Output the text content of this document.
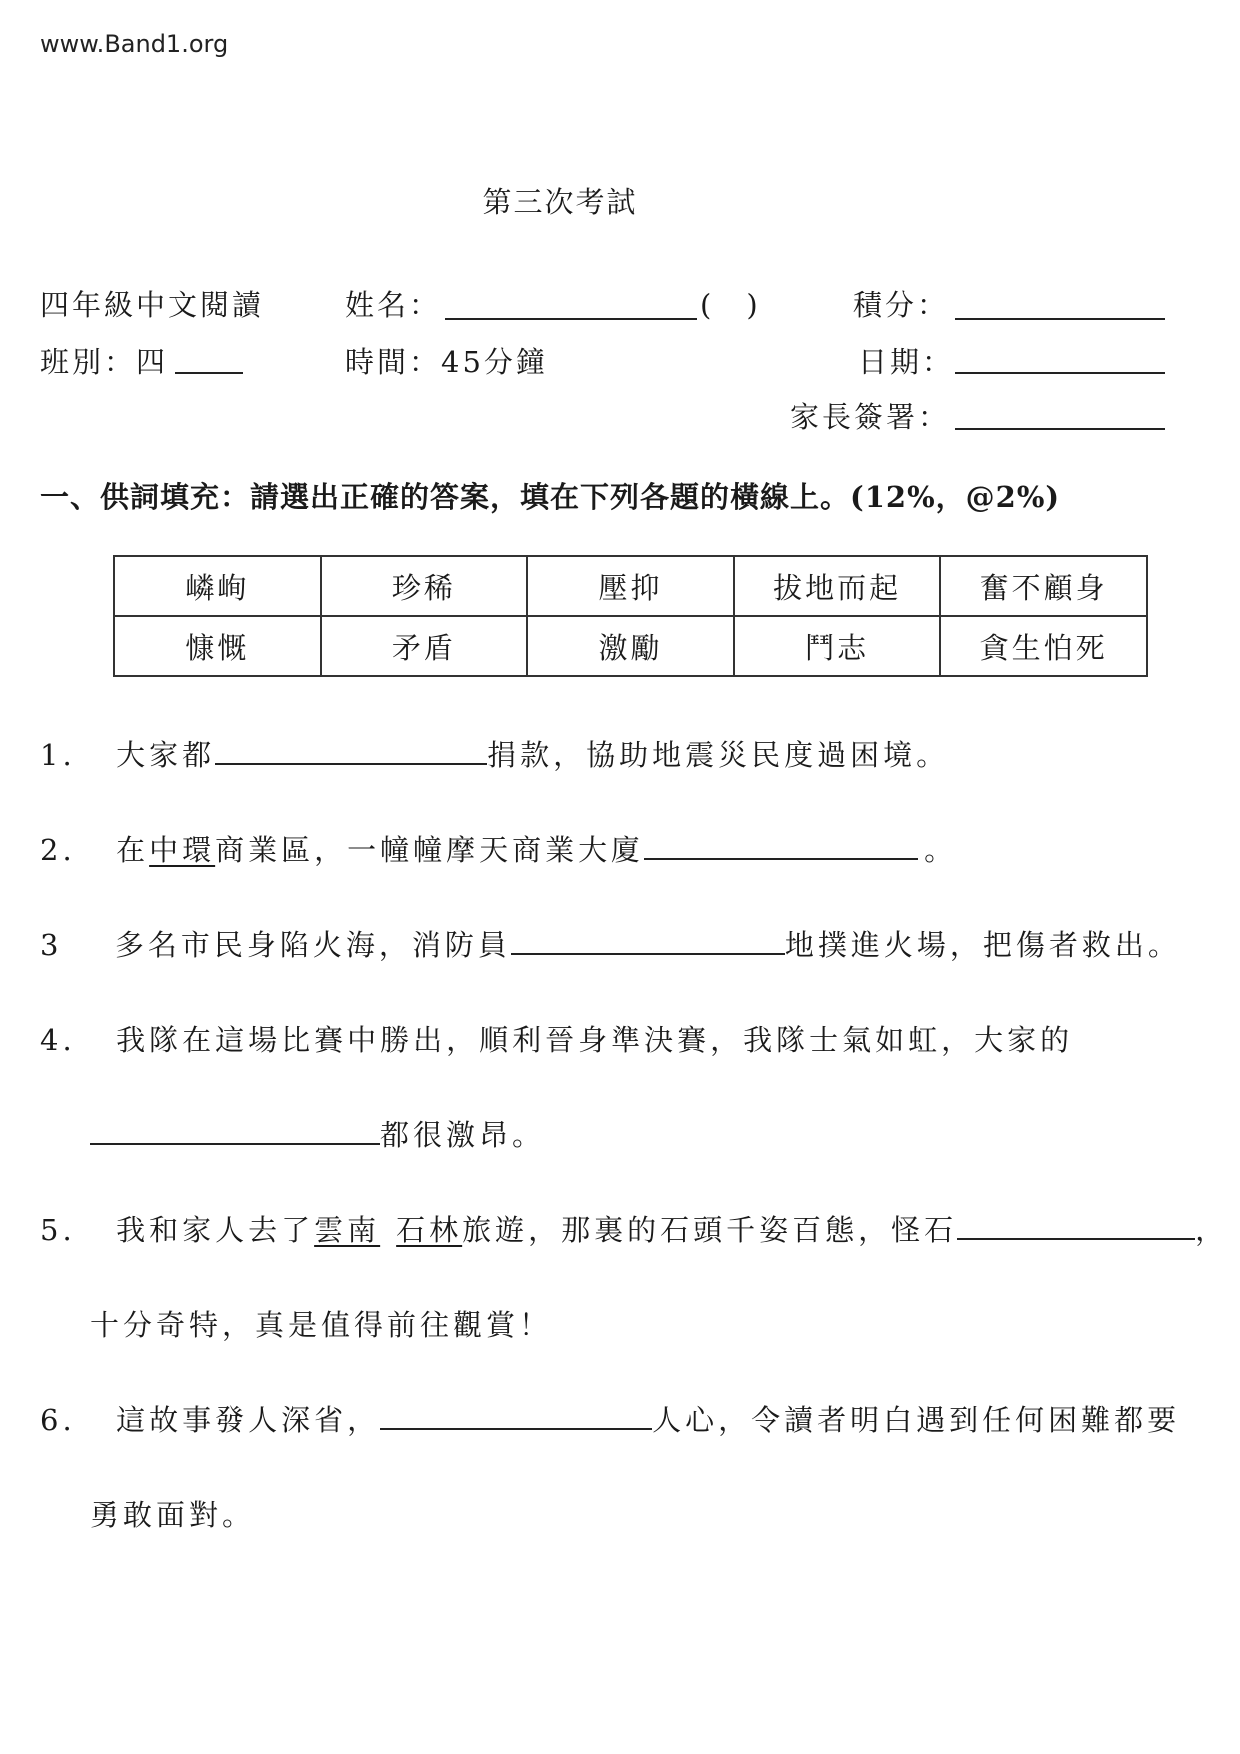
www.Band1.org
第三次考試
四年級中文閱讀	姓名：	(　)	積分：
班別：四	時間：45分鐘	日期：
家長簽署：
一、供詞填充：請選出正確的答案，填在下列各題的橫線上。(12%，@2%)
嶙峋	珍稀	壓抑	拔地而起	奮不顧身
慷慨	矛盾	激勵	鬥志	貪生怕死
1. 大家都	捐款，協助地震災民度過困境。
2. 在中環商業區，一幢幢摩天商業大廈	。
3 多名市民身陷火海，消防員	地撲進火場，把傷者救出。
4. 我隊在這場比賽中勝出，順利晉身準決賽，我隊士氣如虹，大家的
都很激昂。
5. 我和家人去了雲南 石林旅遊，那裏的石頭千姿百態，怪石	，
十分奇特，真是值得前往觀賞！
6. 這故事發人深省，	人心，令讀者明白遇到任何困難都要
勇敢面對。
